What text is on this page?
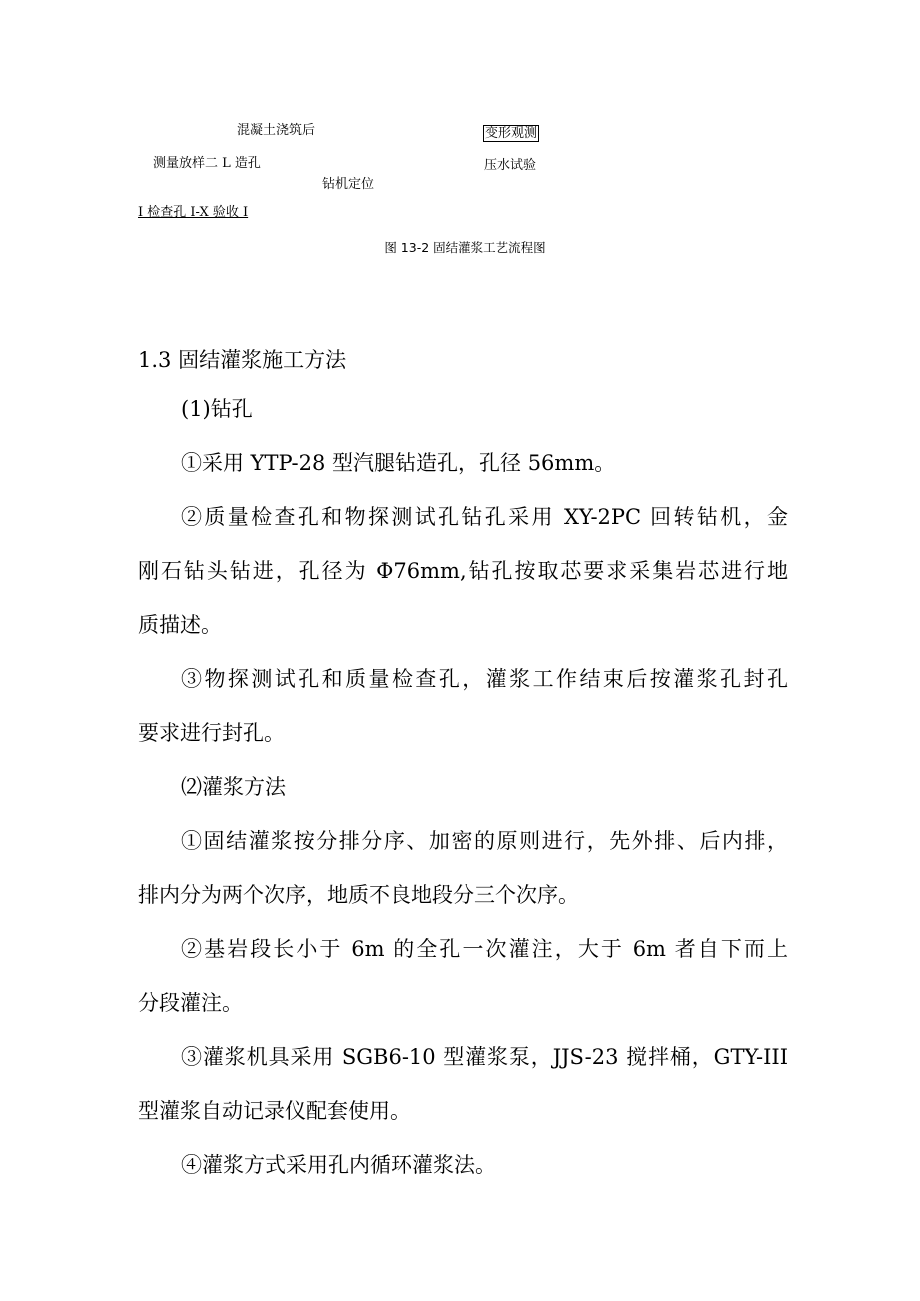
混凝土浇筑后	变形观测
测量放样二 L 造孔	压水试验
钻机定位
I 检查孔 I-X 验收 I
图 13-2 固结灌浆工艺流程图
1.3 固结灌浆施工方法
(1)钻孔
①采用 YTP-28 型汽腿钻造孔，孔径 56mm。
②质量检查孔和物探测试孔钻孔采用 XY-2PC 回转钻机，金
刚石钻头钻进，孔径为 Φ76mm,钻孔按取芯要求采集岩芯进行地
质描述。
③物探测试孔和质量检查孔，灌浆工作结束后按灌浆孔封孔
要求进行封孔。
⑵灌浆方法
①固结灌浆按分排分序、加密的原则进行，先外排、后内排，
排内分为两个次序，地质不良地段分三个次序。
②基岩段长小于 6m 的全孔一次灌注，大于 6m 者自下而上
分段灌注。
③灌浆机具采用 SGB6-10 型灌浆泵，JJS-23 搅拌桶，GTY-III
型灌浆自动记录仪配套使用。
④灌浆方式采用孔内循环灌浆法。
